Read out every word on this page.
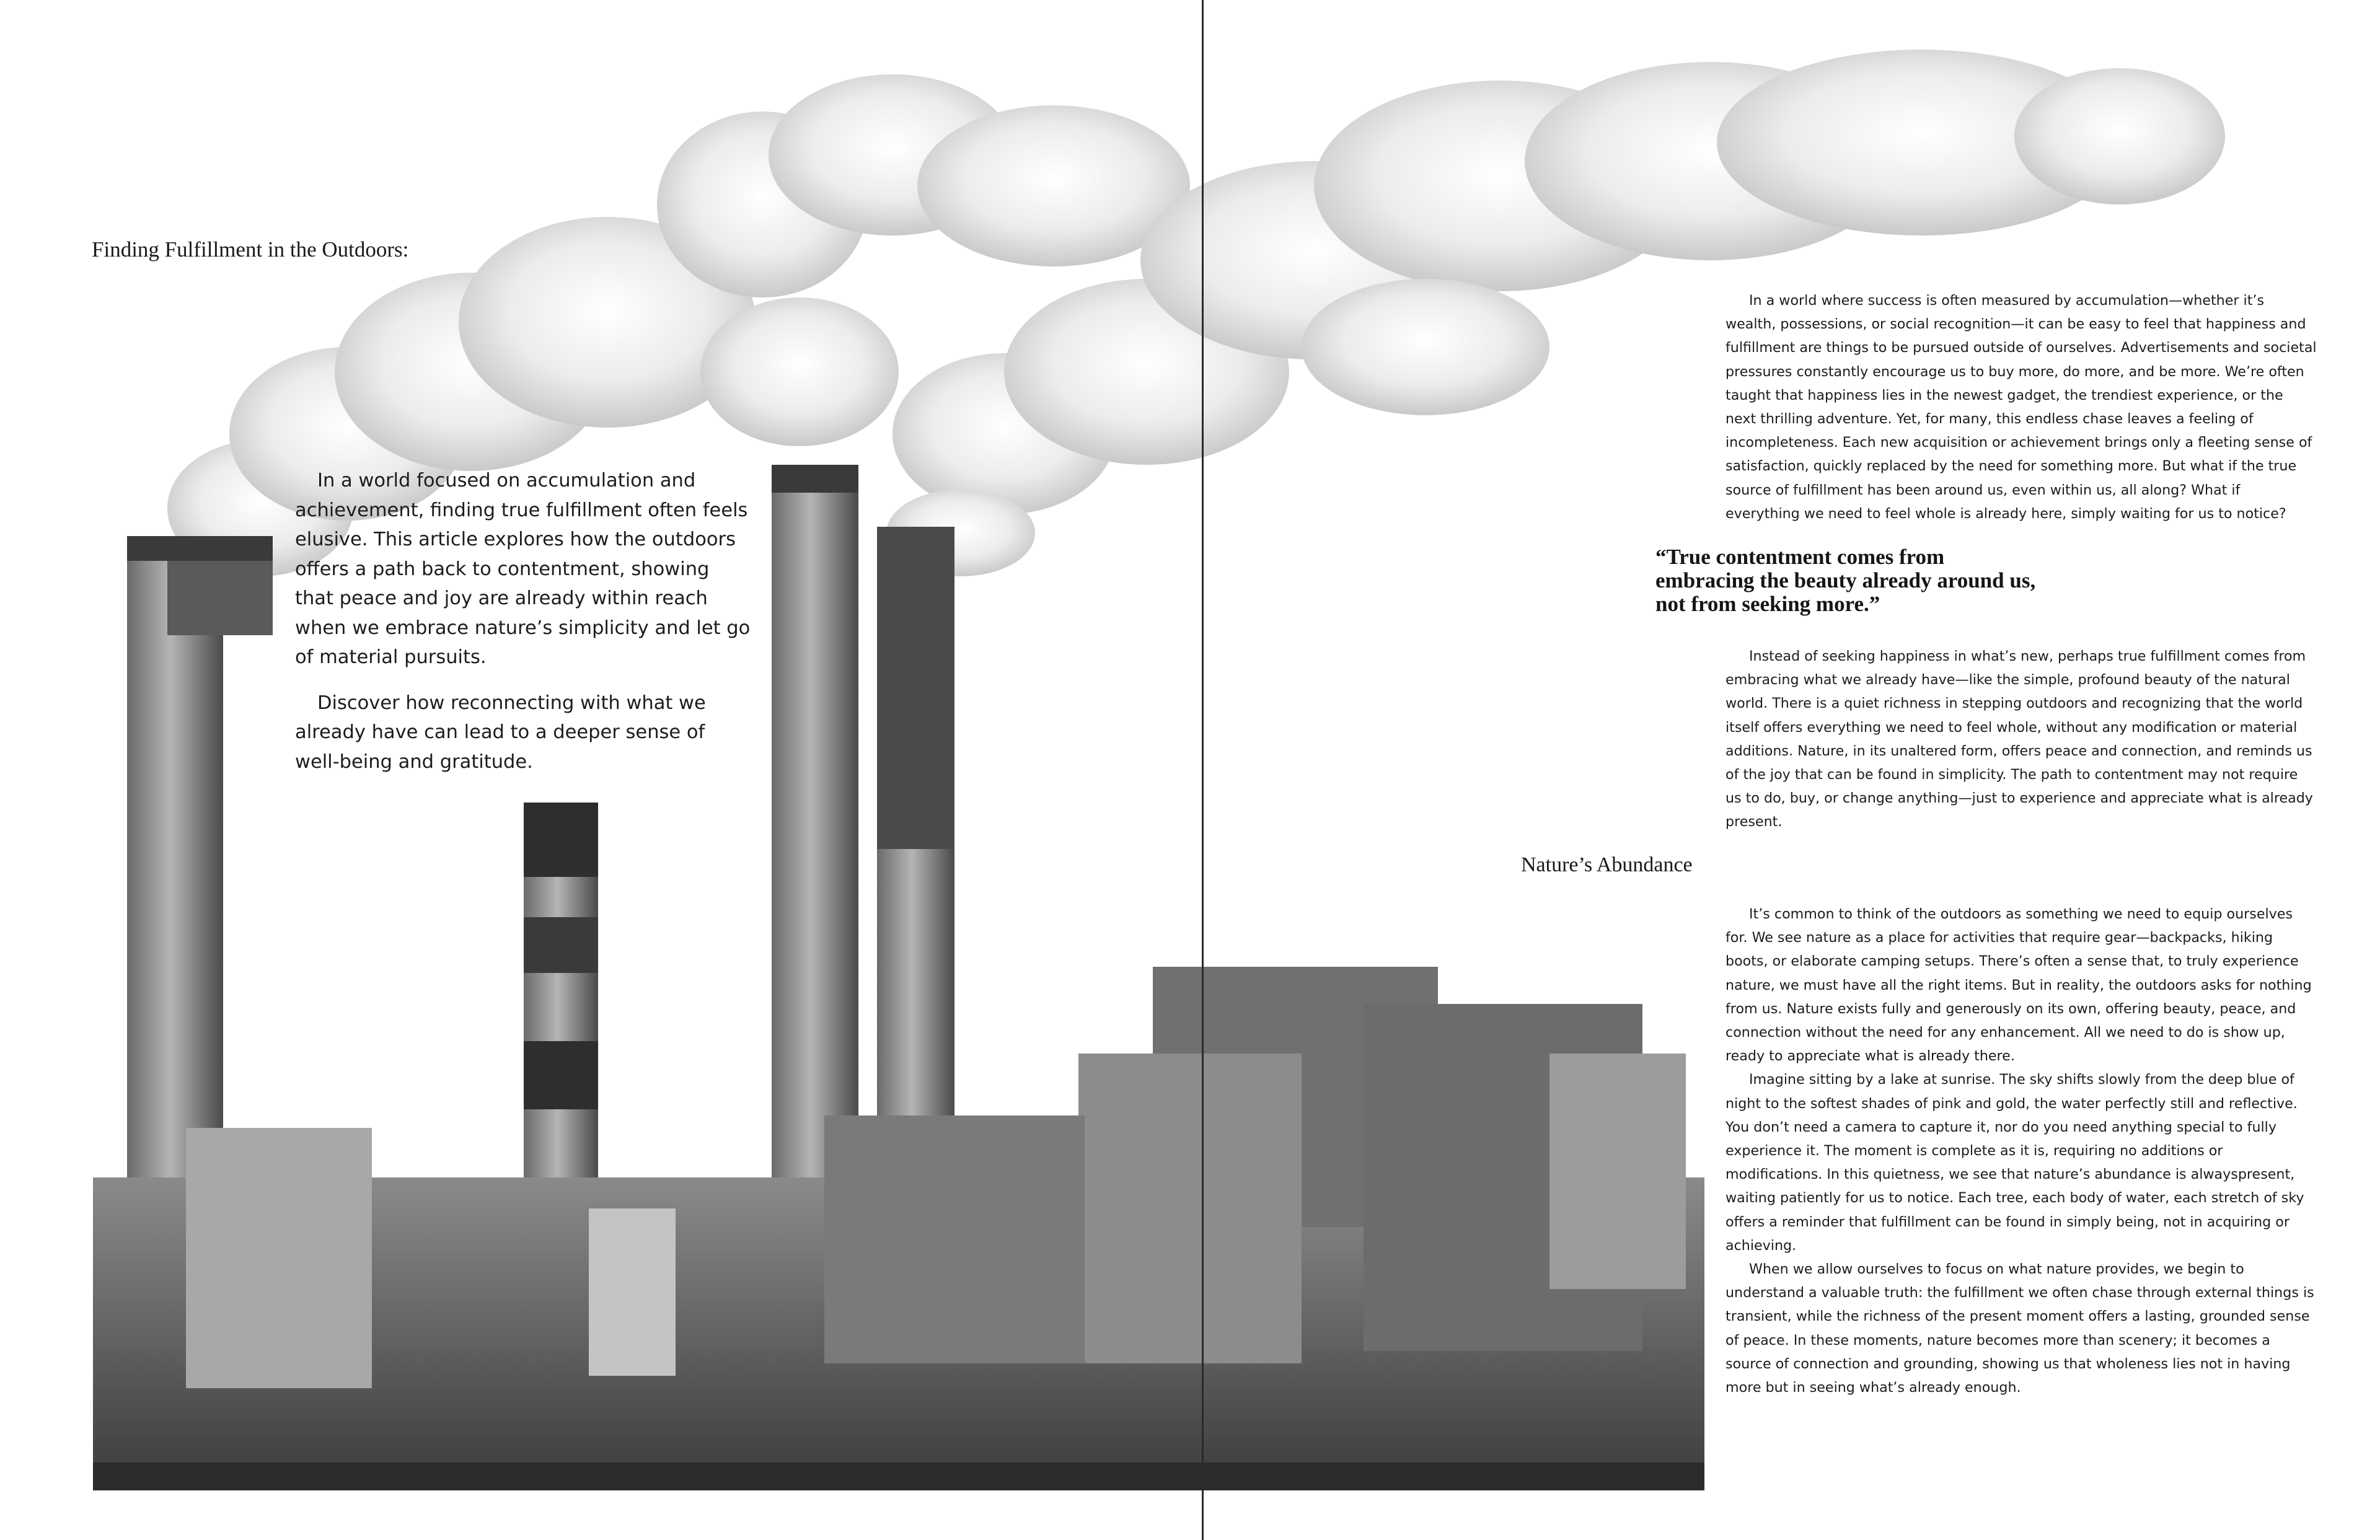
Finding Fulfillment in the Outdoors:

In a world focused on accumulation and achievement, finding true fulfillment often feels elusive. This article explores how the outdoors offers a path back to contentment, showing that peace and joy are already within reach when we embrace nature’s simplicity and let go of material pursuits.

Discover how reconnecting with what we already have can lead to a deeper sense of well-being and gratitude.

In a world where success is often measured by accumulation—whether it’s wealth, possessions, or social recognition—it can be easy to feel that happiness and fulfillment are things to be pursued outside of ourselves. Advertisements and societal pressures constantly encourage us to buy more, do more, and be more. We’re often taught that happiness lies in the newest gadget, the trendiest experience, or the next thrilling adventure. Yet, for many, this endless chase leaves a feeling of incompleteness. Each new acquisition or achievement brings only a fleeting sense of satisfaction, quickly replaced by the need for something more. But what if the true source of fulfillment has been around us, even within us, all along? What if everything we need to feel whole is already here, simply waiting for us to notice?

“True contentment comes from embracing the beauty already around us, not from seeking more.”

Instead of seeking happiness in what’s new, perhaps true fulfillment comes from embracing what we already have—like the simple, profound beauty of the natural world. There is a quiet richness in stepping outdoors and recognizing that the world itself offers everything we need to feel whole, without any modification or material additions. Nature, in its unaltered form, offers peace and connection, and reminds us of the joy that can be found in simplicity. The path to contentment may not require us to do, buy, or change anything—just to experience and appreciate what is already present.

Nature’s Abundance

It’s common to think of the outdoors as something we need to equip ourselves for. We see nature as a place for activities that require gear—backpacks, hiking boots, or elaborate camping setups. There’s often a sense that, to truly experience nature, we must have all the right items. But in reality, the outdoors asks for nothing from us. Nature exists fully and generously on its own, offering beauty, peace, and connection without the need for any enhancement. All we need to do is show up, ready to appreciate what is already there.

Imagine sitting by a lake at sunrise. The sky shifts slowly from the deep blue of night to the softest shades of pink and gold, the water perfectly still and reflective. You don’t need a camera to capture it, nor do you need anything special to fully experience it. The moment is complete as it is, requiring no additions or modifications. In this quietness, we see that nature’s abundance is alwayspresent, waiting patiently for us to notice. Each tree, each body of water, each stretch of sky offers a reminder that fulfillment can be found in simply being, not in acquiring or achieving.

When we allow ourselves to focus on what nature provides, we begin to understand a valuable truth: the fulfillment we often chase through external things is transient, while the richness of the present moment offers a lasting, grounded sense of peace. In these moments, nature becomes more than scenery; it becomes a source of connection and grounding, showing us that wholeness lies not in having more but in seeing what’s already enough.
